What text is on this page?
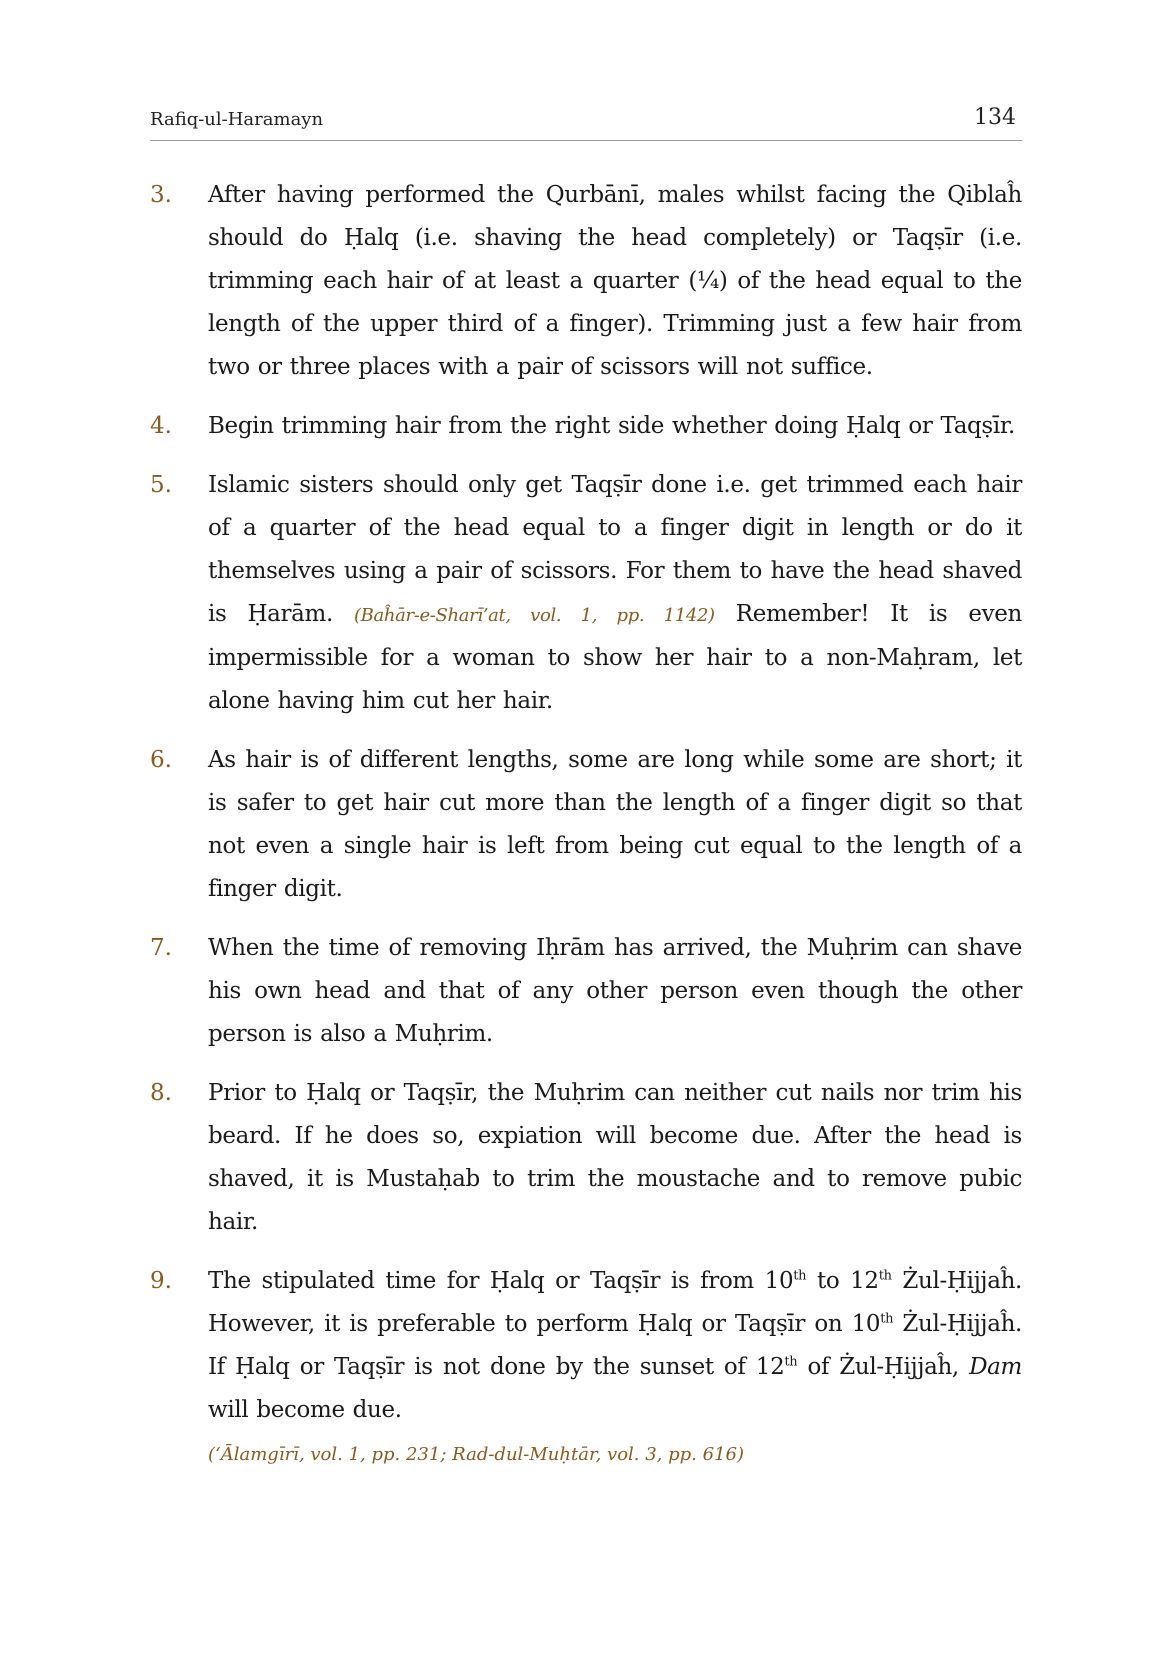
Rafiq-ul-Haramayn	134
3. After having performed the Qurbānī, males whilst facing the Qiblaĥ should do Ḥalq (i.e. shaving the head completely) or Taqṣīr (i.e. trimming each hair of at least a quarter (¼) of the head equal to the length of the upper third of a finger). Trimming just a few hair from two or three places with a pair of scissors will not suffice.
4. Begin trimming hair from the right side whether doing Ḥalq or Taqṣīr.
5. Islamic sisters should only get Taqṣīr done i.e. get trimmed each hair of a quarter of the head equal to a finger digit in length or do it themselves using a pair of scissors. For them to have the head shaved is Ḥarām. (Baĥār-e-Sharī’at, vol. 1, pp. 1142) Remember! It is even impermissible for a woman to show her hair to a non-Maḥram, let alone having him cut her hair.
6. As hair is of different lengths, some are long while some are short; it is safer to get hair cut more than the length of a finger digit so that not even a single hair is left from being cut equal to the length of a finger digit.
7. When the time of removing Iḥrām has arrived, the Muḥrim can shave his own head and that of any other person even though the other person is also a Muḥrim.
8. Prior to Ḥalq or Taqṣīr, the Muḥrim can neither cut nails nor trim his beard. If he does so, expiation will become due. After the head is shaved, it is Mustaḥab to trim the moustache and to remove pubic hair.
9. The stipulated time for Ḥalq or Taqṣīr is from 10th to 12th Żul-Ḥijjaĥ. However, it is preferable to perform Ḥalq or Taqṣīr on 10th Żul-Ḥijjaĥ. If Ḥalq or Taqṣīr is not done by the sunset of 12th of Żul-Ḥijjaĥ, Dam will become due.
(‘Ālamgīrī, vol. 1, pp. 231; Rad-dul-Muḥtār, vol. 3, pp. 616)
